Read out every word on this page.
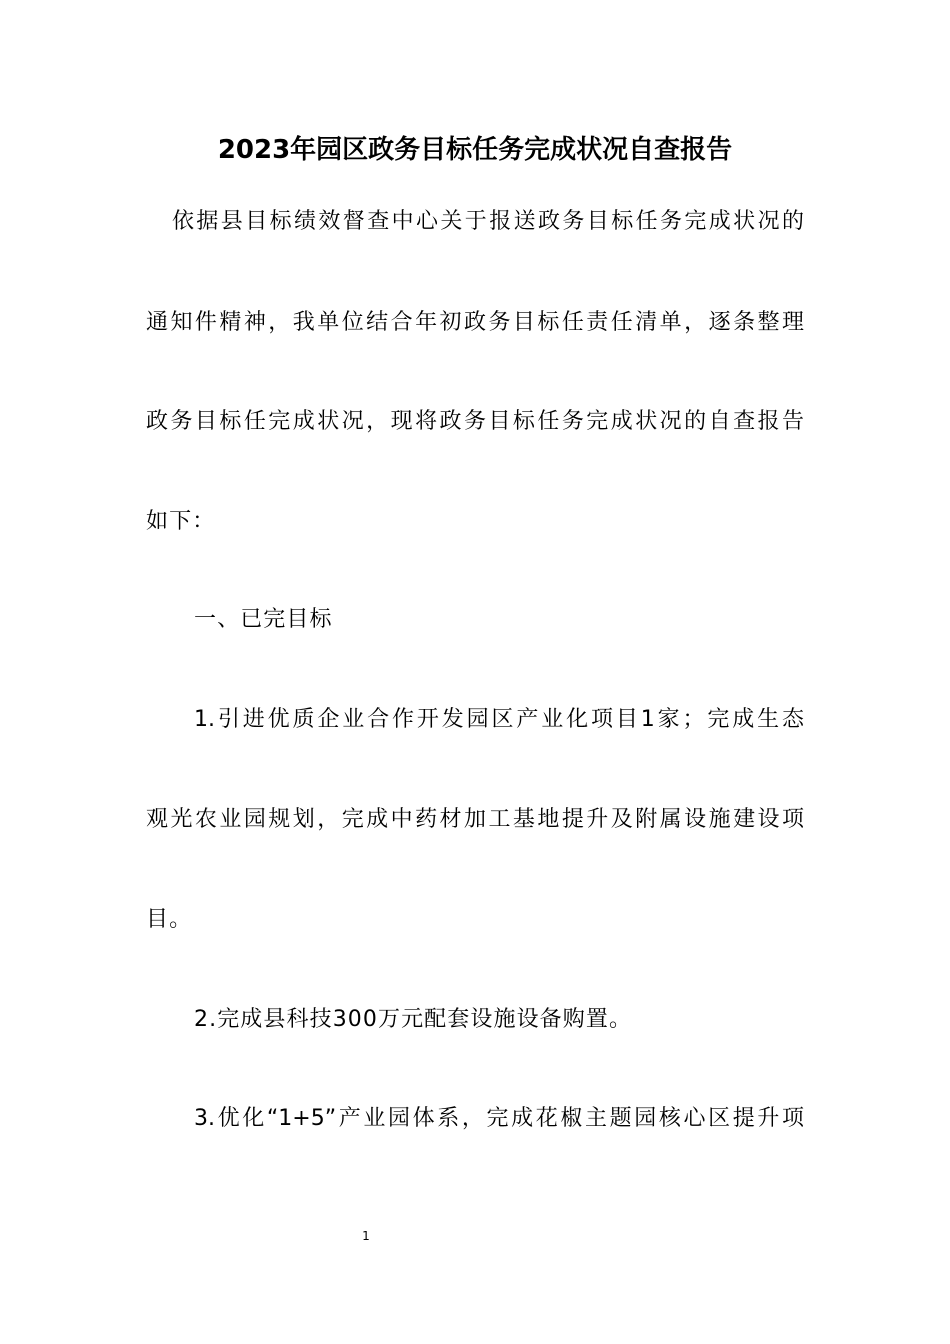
2023年园区政务目标任务完成状况自查报告
依据县目标绩效督查中心关于报送政务目标任务完成状况的
通知件精神，我单位结合年初政务目标任责任清单，逐条整理
政务目标任完成状况，现将政务目标任务完成状况的自查报告
如下：
一、已完目标
1.引进优质企业合作开发园区产业化项目1家；完成生态
观光农业园规划，完成中药材加工基地提升及附属设施建设项
目。
2.完成县科技300万元配套设施设备购置。
3.优化“1+5”产业园体系，完成花椒主题园核心区提升项
1
